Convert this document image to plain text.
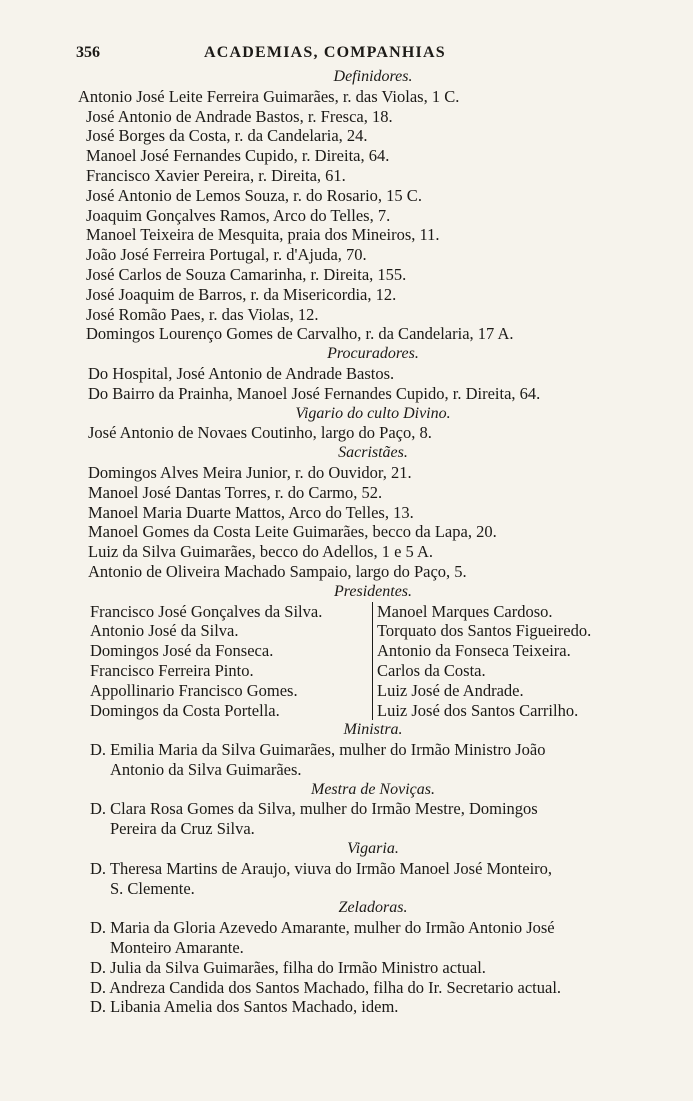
356	ACADEMIAS, COMPANHIAS
Definidores.
Antonio José Leite Ferreira Guimarães, r. das Violas, 1 C.
José Antonio de Andrade Bastos, r. Fresca, 18.
José Borges da Costa, r. da Candelaria, 24.
Manoel José Fernandes Cupido, r. Direita, 64.
Francisco Xavier Pereira, r. Direita, 61.
José Antonio de Lemos Souza, r. do Rosario, 15 C.
Joaquim Gonçalves Ramos, Arco do Telles, 7.
Manoel Teixeira de Mesquita, praia dos Mineiros, 11.
João José Ferreira Portugal, r. d'Ajuda, 70.
José Carlos de Souza Camarinha, r. Direita, 155.
José Joaquim de Barros, r. da Misericordia, 12.
José Romão Paes, r. das Violas, 12.
Domingos Lourenço Gomes de Carvalho, r. da Candelaria, 17 A.
Procuradores.
Do Hospital, José Antonio de Andrade Bastos.
Do Bairro da Prainha, Manoel José Fernandes Cupido, r. Direita, 64.
Vigario do culto Divino.
José Antonio de Novaes Coutinho, largo do Paço, 8.
Sacristães.
Domingos Alves Meira Junior, r. do Ouvidor, 21.
Manoel José Dantas Torres, r. do Carmo, 52.
Manoel Maria Duarte Mattos, Arco do Telles, 13.
Manoel Gomes da Costa Leite Guimarães, becco da Lapa, 20.
Luiz da Silva Guimarães, becco do Adellos, 1 e 5 A.
Antonio de Oliveira Machado Sampaio, largo do Paço, 5.
Presidentes.
Francisco José Gonçalves da Silva.
Antonio José da Silva.
Domingos José da Fonseca.
Francisco Ferreira Pinto.
Appollinario Francisco Gomes.
Domingos da Costa Portella.
Manoel Marques Cardoso.
Torquato dos Santos Figueiredo.
Antonio da Fonseca Teixeira.
Carlos da Costa.
Luiz José de Andrade.
Luiz José dos Santos Carrilho.
Ministra.
D. Emilia Maria da Silva Guimarães, mulher do Irmão Ministro João
Antonio da Silva Guimarães.
Mestra de Noviças.
D. Clara Rosa Gomes da Silva, mulher do Irmão Mestre, Domingos
Pereira da Cruz Silva.
Vigaria.
D. Theresa Martins de Araujo, viuva do Irmão Manoel José Monteiro,
S. Clemente.
Zeladoras.
D. Maria da Gloria Azevedo Amarante, mulher do Irmão Antonio José
Monteiro Amarante.
D. Julia da Silva Guimarães, filha do Irmão Ministro actual.
D. Andreza Candida dos Santos Machado, filha do Ir. Secretario actual.
D. Libania Amelia dos Santos Machado, idem.
